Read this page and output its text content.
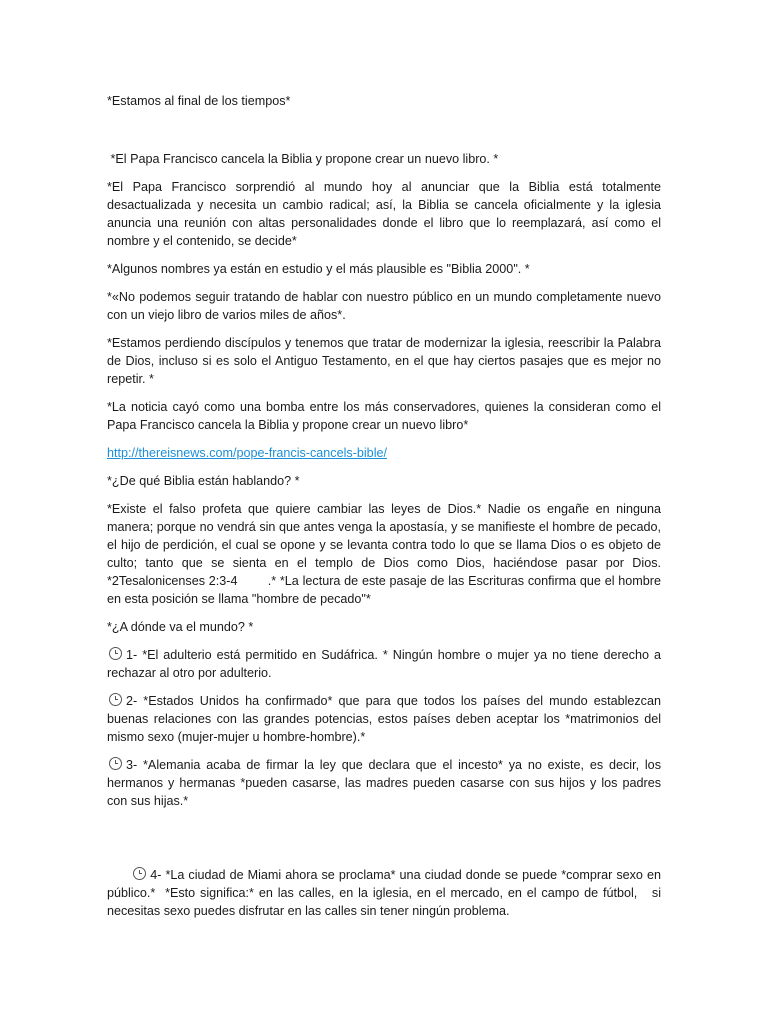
*Estamos al final de los tiempos*

*El Papa Francisco cancela la Biblia y propone crear un nuevo libro. *

*El Papa Francisco sorprendió al mundo hoy al anunciar que la Biblia está totalmente desactualizada y necesita un cambio radical; así, la Biblia se cancela oficialmente y la iglesia anuncia una reunión con altas personalidades donde el libro que lo reemplazará, así como el nombre y el contenido, se decide*

*Algunos nombres ya están en estudio y el más plausible es "Biblia 2000". *

*«No podemos seguir tratando de hablar con nuestro público en un mundo completamente nuevo con un viejo libro de varios miles de años*.

*Estamos perdiendo discípulos y tenemos que tratar de modernizar la iglesia, reescribir la Palabra de Dios, incluso si es solo el Antiguo Testamento, en el que hay ciertos pasajes que es mejor no repetir. *

*La noticia cayó como una bomba entre los más conservadores, quienes la consideran como el Papa Francisco cancela la Biblia y propone crear un nuevo libro*

http://thereisnews.com/pope-francis-cancels-bible/

*¿De qué Biblia están hablando? *

*Existe el falso profeta que quiere cambiar las leyes de Dios.* Nadie os engañe en ninguna manera; porque no vendrá sin que antes venga la apostasía, y se manifieste el hombre de pecado, el hijo de perdición, el cual se opone y se levanta contra todo lo que se llama Dios o es objeto de culto; tanto que se sienta en el templo de Dios como Dios, haciéndose pasar por Dios. *2Tesalonicenses 2:3-4        .* *La lectura de este pasaje de las Escrituras confirma que el hombre en esta posición se llama "hombre de pecado"*

*¿A dónde va el mundo? *

1- *El adulterio está permitido en Sudáfrica. * Ningún hombre o mujer ya no tiene derecho a rechazar al otro por adulterio.

2- *Estados Unidos ha confirmado* que para que todos los países del mundo establezcan buenas relaciones con las grandes potencias, estos países deben aceptar los *matrimonios del mismo sexo (mujer-mujer u hombre-hombre).*

3- *Alemania acaba de firmar la ley que declara que el incesto* ya no existe, es decir, los hermanos y hermanas *pueden casarse, las madres pueden casarse con sus hijos y los padres con sus hijas.*

4- *La ciudad de Miami ahora se proclama* una ciudad donde se puede *comprar sexo en público.*  *Esto significa:* en las calles, en la iglesia, en el mercado, en el campo de fútbol,   si necesitas sexo puedes disfrutar en las calles sin tener ningún problema.
